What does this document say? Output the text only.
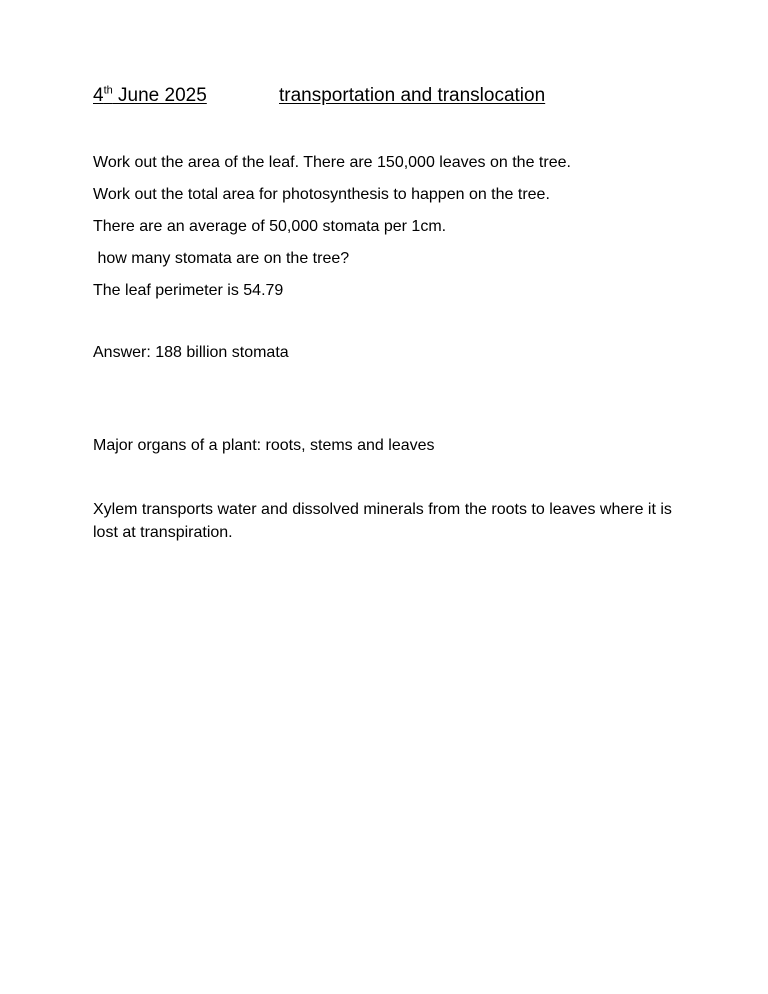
4th June 2025	transportation and translocation
Work out the area of the leaf. There are 150,000 leaves on the tree.
Work out the total area for photosynthesis to happen on the tree.
There are an average of 50,000 stomata per 1cm.
how many stomata are on the tree?
The leaf perimeter is 54.79
Answer: 188 billion stomata
Major organs of a plant: roots, stems and leaves
Xylem transports water and dissolved minerals from the roots to leaves where it is lost at transpiration.
